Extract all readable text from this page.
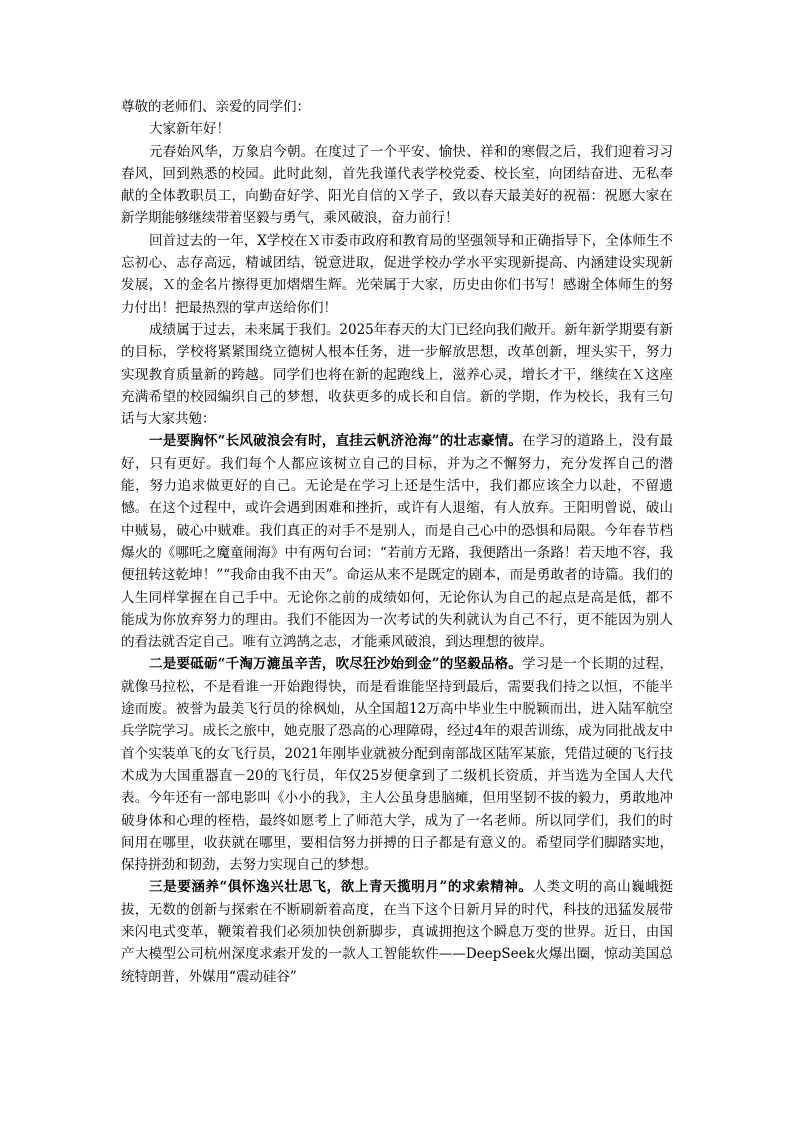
尊敬的老师们、亲爱的同学们：

大家新年好！

元春始风华，万象启今朝。在度过了一个平安、愉快、祥和的寒假之后，我们迎着习习春风，回到熟悉的校园。此时此刻，首先我谨代表学校党委、校长室，向团结奋进、无私奉献的全体教职员工，向勤奋好学、阳光自信的Ｘ学子，致以春天最美好的祝福：祝愿大家在新学期能够继续带着坚毅与勇气，乘风破浪，奋力前行！

回首过去的一年，X学校在Ｘ市委市政府和教育局的坚强领导和正确指导下，全体师生不忘初心、志存高远，精诚团结，锐意进取，促进学校办学水平实现新提高、内涵建设实现新发展，Ｘ的金名片擦得更加熠熠生辉。光荣属于大家，历史由你们书写！感谢全体师生的努力付出！把最热烈的掌声送给你们！

成绩属于过去，未来属于我们。2025年春天的大门已经向我们敞开。新年新学期要有新的目标，学校将紧紧围绕立德树人根本任务，进一步解放思想，改革创新，埋头实干，努力实现教育质量新的跨越。同学们也将在新的起跑线上，滋养心灵，增长才干，继续在Ｘ这座充满希望的校园编织自己的梦想，收获更多的成长和自信。新的学期，作为校长，我有三句话与大家共勉：

一是要胸怀“长风破浪会有时，直挂云帆济沧海”的壮志豪情。在学习的道路上，没有最好，只有更好。我们每个人都应该树立自己的目标，并为之不懈努力，充分发挥自己的潜能，努力追求做更好的自己。无论是在学习上还是生活中，我们都应该全力以赴，不留遗憾。在这个过程中，或许会遇到困难和挫折，或许有人退缩，有人放弃。王阳明曾说，破山中贼易，破心中贼难。我们真正的对手不是别人，而是自己心中的恐惧和局限。今年春节档爆火的《哪吒之魔童闹海》中有两句台词：“若前方无路，我便踏出一条路！若天地不容，我便扭转这乾坤！”“我命由我不由天”。命运从来不是既定的剧本，而是勇敢者的诗篇。我们的人生同样掌握在自己手中。无论你之前的成绩如何，无论你认为自己的起点是高是低，都不能成为你放弃努力的理由。我们不能因为一次考试的失利就认为自己不行，更不能因为别人的看法就否定自己。唯有立鸿鹄之志，才能乘风破浪，到达理想的彼岸。

二是要砥砺“千淘万漉虽辛苦，吹尽狂沙始到金”的坚毅品格。学习是一个长期的过程，就像马拉松，不是看谁一开始跑得快，而是看谁能坚持到最后，需要我们持之以恒，不能半途而废。被誉为最美飞行员的徐枫灿，从全国超12万高中毕业生中脱颖而出，进入陆军航空兵学院学习。成长之旅中，她克服了恐高的心理障碍，经过4年的艰苦训练，成为同批战友中首个实装单飞的女飞行员，2021年刚毕业就被分配到南部战区陆军某旅，凭借过硬的飞行技术成为大国重器直－20的飞行员，年仅25岁便拿到了二级机长资质，并当选为全国人大代表。今年还有一部电影叫《小小的我》，主人公虽身患脑瘫，但用坚韧不拔的毅力，勇敢地冲破身体和心理的桎梏，最终如愿考上了师范大学，成为了一名老师。所以同学们，我们的时间用在哪里，收获就在哪里，要相信努力拼搏的日子都是有意义的。希望同学们脚踏实地，保持拼劲和韧劲，去努力实现自己的梦想。

三是要涵养“俱怀逸兴壮思飞，欲上青天揽明月”的求索精神。人类文明的高山巍峨挺拔，无数的创新与探索在不断刷新着高度，在当下这个日新月异的时代，科技的迅猛发展带来闪电式变革，鞭策着我们必须加快创新脚步，真诚拥抱这个瞬息万变的世界。近日，由国产大模型公司杭州深度求索开发的一款人工智能软件——DeepSeek火爆出圈，惊动美国总统特朗普，外媒用“震动硅谷”
